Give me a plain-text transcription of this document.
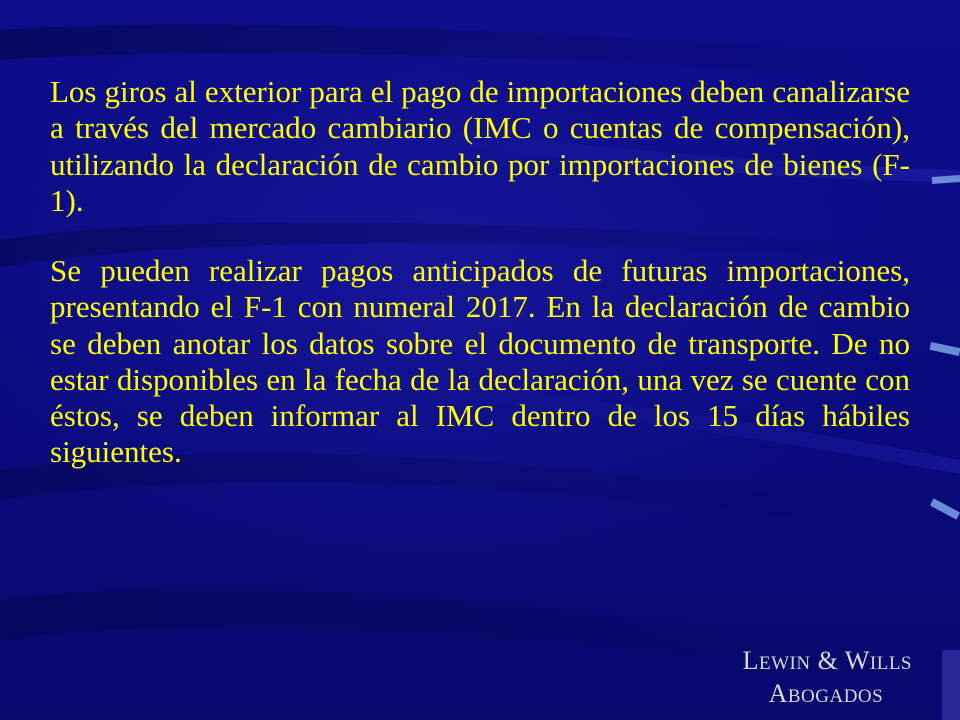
Los giros al exterior para el pago de importaciones deben canalizarse a través del mercado cambiario (IMC o cuentas de compensación), utilizando la declaración de cambio por importaciones de bienes (F-1).

Se pueden realizar pagos anticipados de futuras importaciones, presentando el F-1 con numeral 2017. En la declaración de cambio se deben anotar los datos sobre el documento de transporte. De no estar disponibles en la fecha de la declaración, una vez se cuente con éstos, se deben informar al IMC dentro de los 15 días hábiles siguientes.

LEWIN & WILLS
ABOGADOS
